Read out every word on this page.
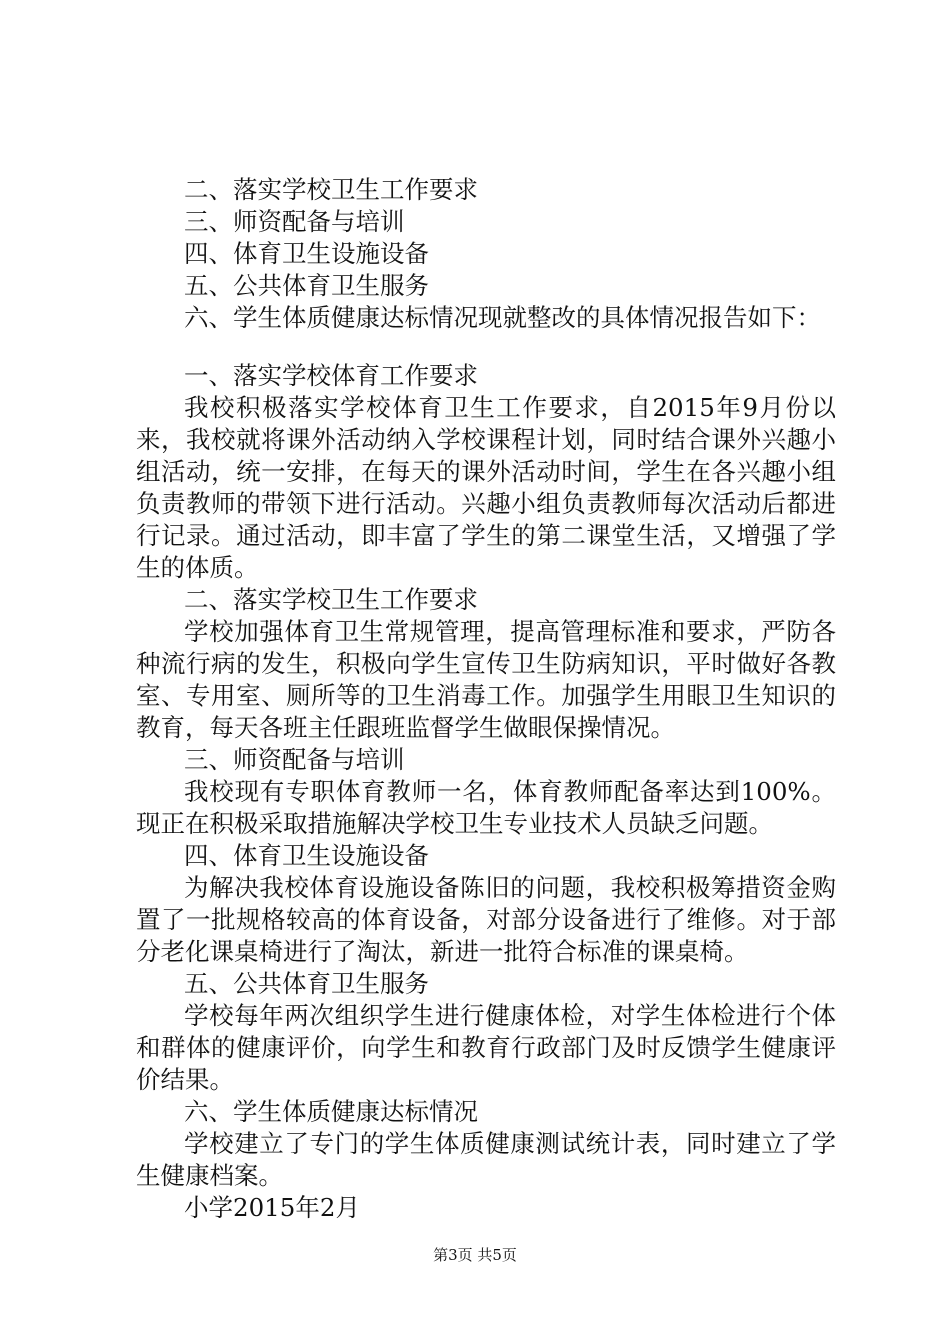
二、落实学校卫生工作要求
三、师资配备与培训
四、体育卫生设施设备
五、公共体育卫生服务
六、学生体质健康达标情况现就整改的具体情况报告如下：
一、落实学校体育工作要求
我校积极落实学校体育卫生工作要求，自2015年9月份以来，我校就将课外活动纳入学校课程计划，同时结合课外兴趣小组活动，统一安排，在每天的课外活动时间，学生在各兴趣小组负责教师的带领下进行活动。兴趣小组负责教师每次活动后都进行记录。通过活动，即丰富了学生的第二课堂生活，又增强了学生的体质。
二、落实学校卫生工作要求
学校加强体育卫生常规管理，提高管理标准和要求，严防各种流行病的发生，积极向学生宣传卫生防病知识，平时做好各教室、专用室、厕所等的卫生消毒工作。加强学生用眼卫生知识的教育，每天各班主任跟班监督学生做眼保操情况。
三、师资配备与培训
我校现有专职体育教师一名，体育教师配备率达到100%。现正在积极采取措施解决学校卫生专业技术人员缺乏问题。
四、体育卫生设施设备
为解决我校体育设施设备陈旧的问题，我校积极筹措资金购置了一批规格较高的体育设备，对部分设备进行了维修。对于部分老化课桌椅进行了淘汰，新进一批符合标准的课桌椅。
五、公共体育卫生服务
学校每年两次组织学生进行健康体检，对学生体检进行个体和群体的健康评价，向学生和教育行政部门及时反馈学生健康评价结果。
六、学生体质健康达标情况
学校建立了专门的学生体质健康测试统计表，同时建立了学生健康档案。
小学2015年2月
第3页 共5页
